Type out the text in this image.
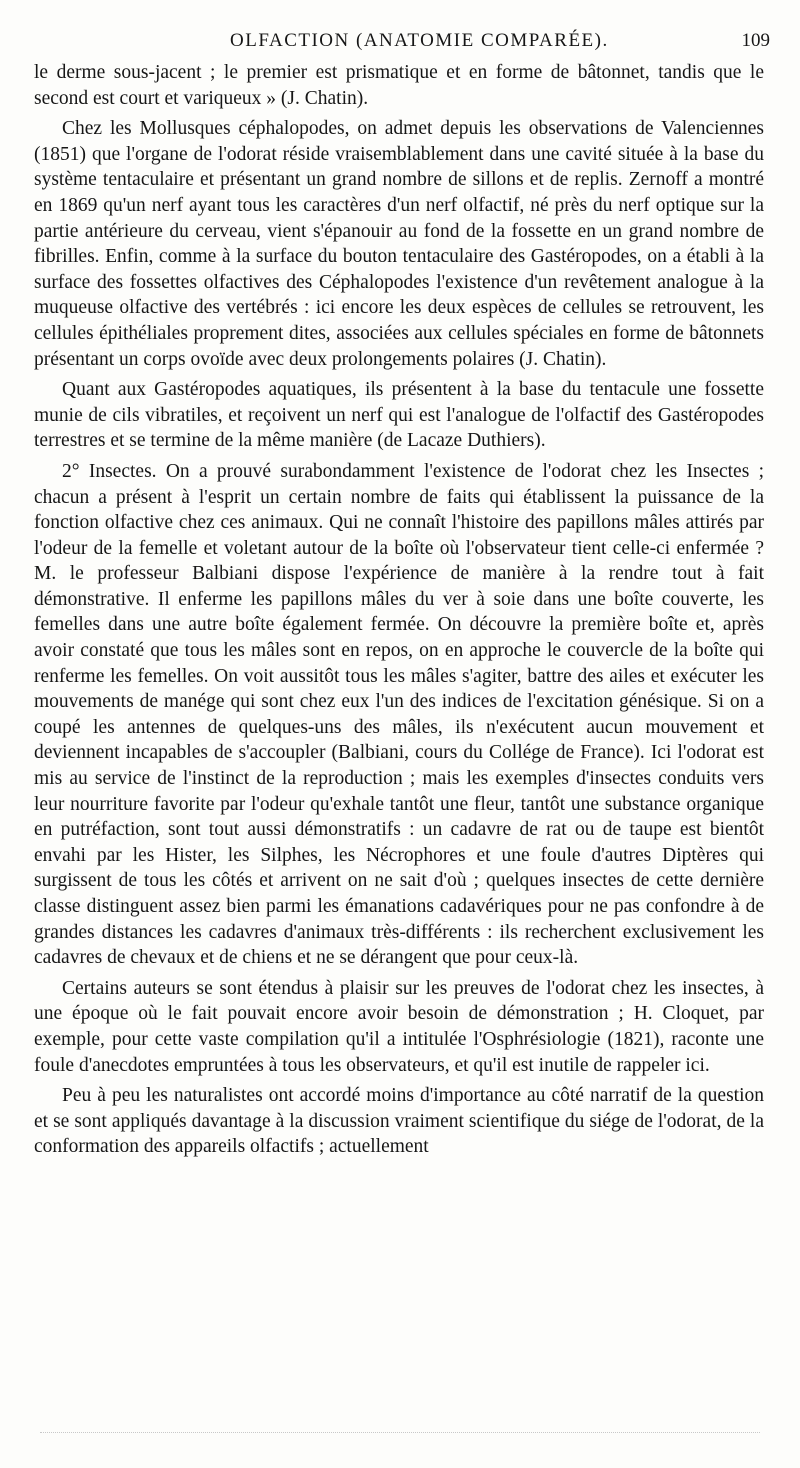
OLFACTION (ANATOMIE COMPARÉE).	109

le derme sous-jacent ; le premier est prismatique et en forme de bâtonnet, tandis que le second est court et variqueux » (J. Chatin).

Chez les Mollusques céphalopodes, on admet depuis les observations de Valenciennes (1851) que l'organe de l'odorat réside vraisemblablement dans une cavité située à la base du système tentaculaire et présentant un grand nombre de sillons et de replis. Zernoff a montré en 1869 qu'un nerf ayant tous les caractères d'un nerf olfactif, né près du nerf optique sur la partie antérieure du cerveau, vient s'épanouir au fond de la fossette en un grand nombre de fibrilles. Enfin, comme à la surface du bouton tentaculaire des Gastéropodes, on a établi à la surface des fossettes olfactives des Céphalopodes l'existence d'un revêtement analogue à la muqueuse olfactive des vertébrés : ici encore les deux espèces de cellules se retrouvent, les cellules épithéliales proprement dites, associées aux cellules spéciales en forme de bâtonnets présentant un corps ovoïde avec deux prolongements polaires (J. Chatin).

Quant aux Gastéropodes aquatiques, ils présentent à la base du tentacule une fossette munie de cils vibratiles, et reçoivent un nerf qui est l'analogue de l'olfactif des Gastéropodes terrestres et se termine de la même manière (de Lacaze Duthiers).

2° Insectes. On a prouvé surabondamment l'existence de l'odorat chez les Insectes ; chacun a présent à l'esprit un certain nombre de faits qui établissent la puissance de la fonction olfactive chez ces animaux. Qui ne connaît l'histoire des papillons mâles attirés par l'odeur de la femelle et voletant autour de la boîte où l'observateur tient celle-ci enfermée ? M. le professeur Balbiani dispose l'expérience de manière à la rendre tout à fait démonstrative. Il enferme les papillons mâles du ver à soie dans une boîte couverte, les femelles dans une autre boîte également fermée. On découvre la première boîte et, après avoir constaté que tous les mâles sont en repos, on en approche le couvercle de la boîte qui renferme les femelles. On voit aussitôt tous les mâles s'agiter, battre des ailes et exécuter les mouvements de manége qui sont chez eux l'un des indices de l'excitation génésique. Si on a coupé les antennes de quelques-uns des mâles, ils n'exécutent aucun mouvement et deviennent incapables de s'accoupler (Balbiani, cours du Collége de France). Ici l'odorat est mis au service de l'instinct de la reproduction ; mais les exemples d'insectes conduits vers leur nourriture favorite par l'odeur qu'exhale tantôt une fleur, tantôt une substance organique en putréfaction, sont tout aussi démonstratifs : un cadavre de rat ou de taupe est bientôt envahi par les Hister, les Silphes, les Nécrophores et une foule d'autres Diptères qui surgissent de tous les côtés et arrivent on ne sait d'où ; quelques insectes de cette dernière classe distinguent assez bien parmi les émanations cadavériques pour ne pas confondre à de grandes distances les cadavres d'animaux très-différents : ils recherchent exclusivement les cadavres de chevaux et de chiens et ne se dérangent que pour ceux-là.

Certains auteurs se sont étendus à plaisir sur les preuves de l'odorat chez les insectes, à une époque où le fait pouvait encore avoir besoin de démonstration ; H. Cloquet, par exemple, pour cette vaste compilation qu'il a intitulée l'Osphrésiologie (1821), raconte une foule d'anecdotes empruntées à tous les observateurs, et qu'il est inutile de rappeler ici.

Peu à peu les naturalistes ont accordé moins d'importance au côté narratif de la question et se sont appliqués davantage à la discussion vraiment scientifique du siége de l'odorat, de la conformation des appareils olfactifs ; actuellement
